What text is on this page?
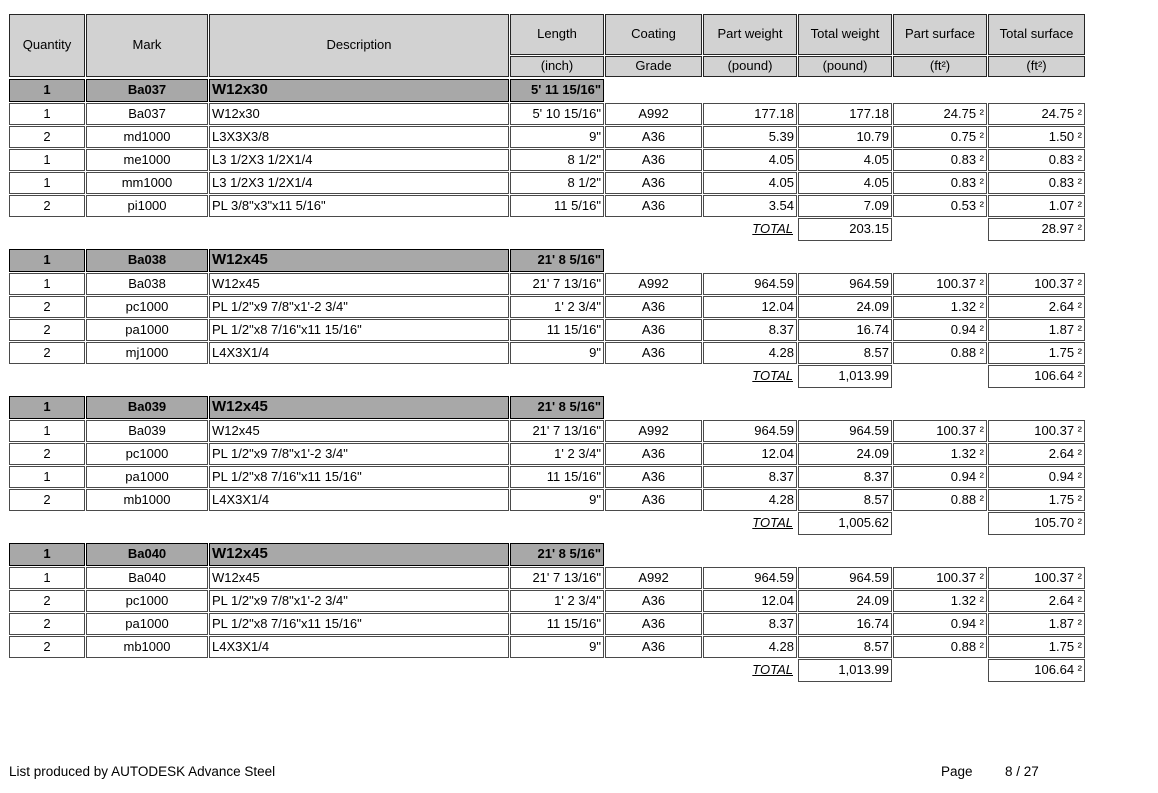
Quantity	Mark	Description	Length	Coating	Part weight	Total weight	Part surface	Total surface
			(inch)	Grade	(pound)	(pound)	(ft²)	(ft²)
1	Ba037	W12x30	5' 11 15/16"					
1	Ba037	W12x30	5' 10 15/16"	A992	177.18	177.18	24.75 ²	24.75 ²
2	md1000	L3X3X3/8	9"	A36	5.39	10.79	0.75 ²	1.50 ²
1	me1000	L3 1/2X3 1/2X1/4	8 1/2"	A36	4.05	4.05	0.83 ²	0.83 ²
1	mm1000	L3 1/2X3 1/2X1/4	8 1/2"	A36	4.05	4.05	0.83 ²	0.83 ²
2	pi1000	PL 3/8"x3"x11 5/16"	11 5/16"	A36	3.54	7.09	0.53 ²	1.07 ²
					TOTAL	203.15		28.97 ²
1	Ba038	W12x45	21' 8 5/16"					
1	Ba038	W12x45	21' 7 13/16"	A992	964.59	964.59	100.37 ²	100.37 ²
2	pc1000	PL 1/2"x9 7/8"x1'-2 3/4"	1' 2 3/4"	A36	12.04	24.09	1.32 ²	2.64 ²
2	pa1000	PL 1/2"x8 7/16"x11 15/16"	11 15/16"	A36	8.37	16.74	0.94 ²	1.87 ²
2	mj1000	L4X3X1/4	9"	A36	4.28	8.57	0.88 ²	1.75 ²
					TOTAL	1,013.99		106.64 ²
1	Ba039	W12x45	21' 8 5/16"					
1	Ba039	W12x45	21' 7 13/16"	A992	964.59	964.59	100.37 ²	100.37 ²
2	pc1000	PL 1/2"x9 7/8"x1'-2 3/4"	1' 2 3/4"	A36	12.04	24.09	1.32 ²	2.64 ²
1	pa1000	PL 1/2"x8 7/16"x11 15/16"	11 15/16"	A36	8.37	8.37	0.94 ²	0.94 ²
2	mb1000	L4X3X1/4	9"	A36	4.28	8.57	0.88 ²	1.75 ²
					TOTAL	1,005.62		105.70 ²
1	Ba040	W12x45	21' 8 5/16"					
1	Ba040	W12x45	21' 7 13/16"	A992	964.59	964.59	100.37 ²	100.37 ²
2	pc1000	PL 1/2"x9 7/8"x1'-2 3/4"	1' 2 3/4"	A36	12.04	24.09	1.32 ²	2.64 ²
2	pa1000	PL 1/2"x8 7/16"x11 15/16"	11 15/16"	A36	8.37	16.74	0.94 ²	1.87 ²
2	mb1000	L4X3X1/4	9"	A36	4.28	8.57	0.88 ²	1.75 ²
					TOTAL	1,013.99		106.64 ²
List produced by AUTODESK Advance Steel	Page 8 / 27
